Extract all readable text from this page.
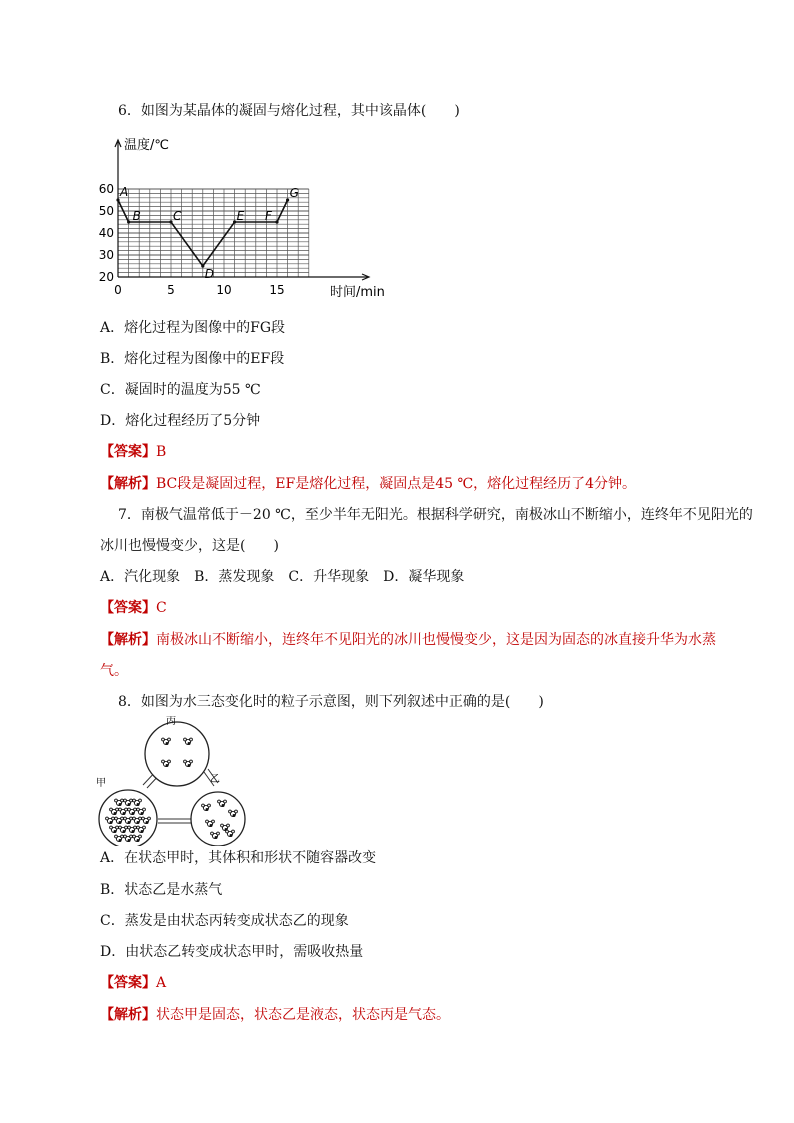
6．如图为某晶体的凝固与熔化过程，其中该晶体(　　)
20
30
40
50
60
0	5	10	15
A
B	C
D
E F
G
温度/℃
时间/min
A．熔化过程为图像中的FG段
B．熔化过程为图像中的EF段
C．凝固时的温度为55 ℃
D．熔化过程经历了5分钟
【答案】B
【解析】BC段是凝固过程，EF是熔化过程，凝固点是45 ℃，熔化过程经历了4分钟。
7．南极气温常低于－20 ℃，至少半年无阳光。根据科学研究，南极冰山不断缩小，连终年不见阳光的
冰川也慢慢变少，这是(　　)
A．汽化现象　B．蒸发现象　C．升华现象　D．凝华现象
【答案】C
【解析】南极冰山不断缩小，连终年不见阳光的冰川也慢慢变少，这是因为固态的冰直接升华为水蒸
气。
8．如图为水三态变化时的粒子示意图，则下列叙述中正确的是(　　)
丙
甲	乙
A．在状态甲时，其体积和形状不随容器改变
B．状态乙是水蒸气
C．蒸发是由状态丙转变成状态乙的现象
D．由状态乙转变成状态甲时，需吸收热量
【答案】A
【解析】状态甲是固态，状态乙是液态，状态丙是气态。
